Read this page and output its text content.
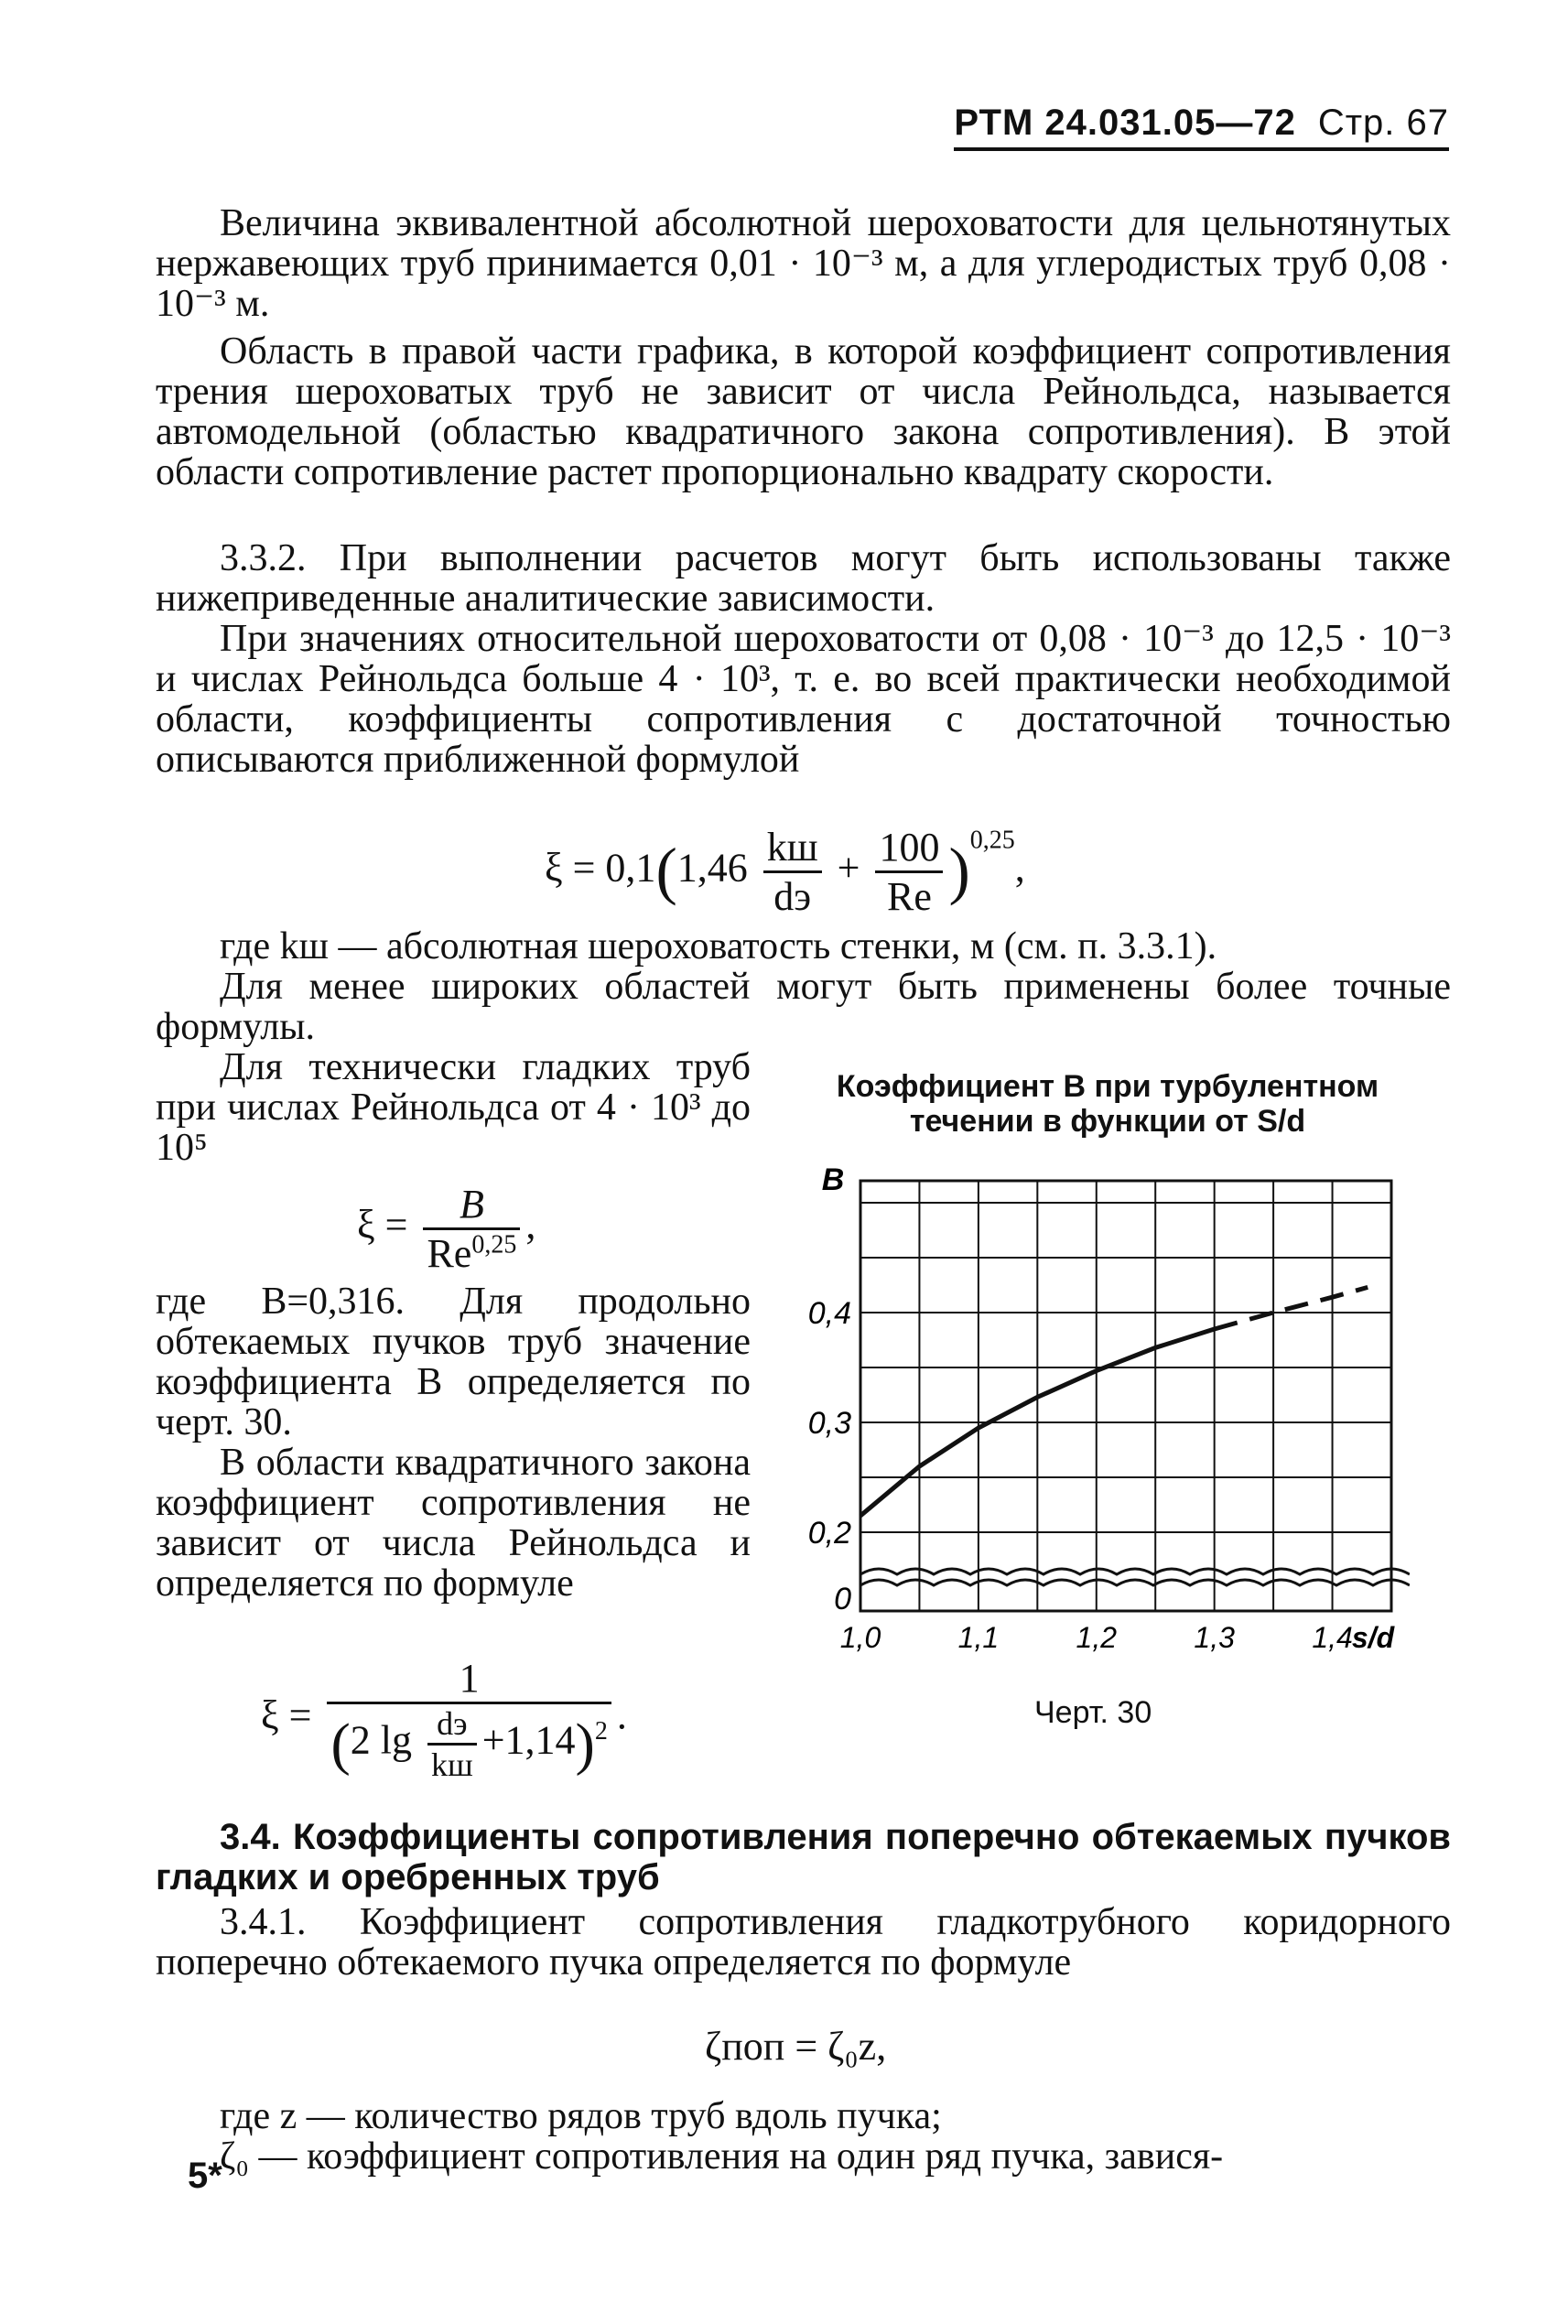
РТМ 24.031.05—72 Стр. 67
Величина эквивалентной абсолютной шероховатости для цельнотянутых нержавеющих труб принимается 0,01 · 10⁻³ м, а для углеродистых труб 0,08 · 10⁻³ м.
Область в правой части графика, в которой коэффициент сопротивления трения шероховатых труб не зависит от числа Рейнольдса, называется автомодельной (областью квадратичного закона сопротивления). В этой области сопротивление растет пропорционально квадрату скорости.
3.3.2. При выполнении расчетов могут быть использованы также нижеприведенные аналитические зависимости.
При значениях относительной шероховатости от 0,08 · 10⁻³ до 12,5 · 10⁻³ и числах Рейнольдса больше 4 · 10³, т. е. во всей практически необходимой области, коэффициенты сопротивления с достаточной точностью описываются приближенной формулой
$\xi = 0,1(1,46 \frac{kш}{dэ} + \frac{100}{Re} )^{0,25}$,
где kш — абсолютная шероховатость стенки, м (см. п. 3.3.1).
Для менее широких областей могут быть применены более точные формулы.
Для технически гладких труб при числах Рейнольдса от 4 · 10³ до 10⁵
$\xi = \frac{B}{Re^{0,25}}$ ,
где B=0,316. Для продольно обтекаемых пучков труб значение коэффициента B определяется по черт. 30.
В области квадратичного закона коэффициент сопротивления не зависит от числа Рейнольдса и определяется по формуле
$\xi = \frac{1}{(2 \lg \frac{dэ}{kш} +1,14)^2}$ .
Коэффициент B при турбулентном
течении в функции от S/d
0
0,2
0,3
0,4
B
1,0	1,1	1,2	1,3	1,4 s/d
Черт. 30
3.4. Коэффициенты сопротивления поперечно обтекаемых пучков гладких и оребренных труб
3.4.1. Коэффициент сопротивления гладкотрубного коридорного поперечно обтекаемого пучка определяется по формуле
ζпоп = ζ₀z,
где z — количество рядов труб вдоль пучка;
ζ₀ — коэффициент сопротивления на один ряд пучка, завися-
5*
